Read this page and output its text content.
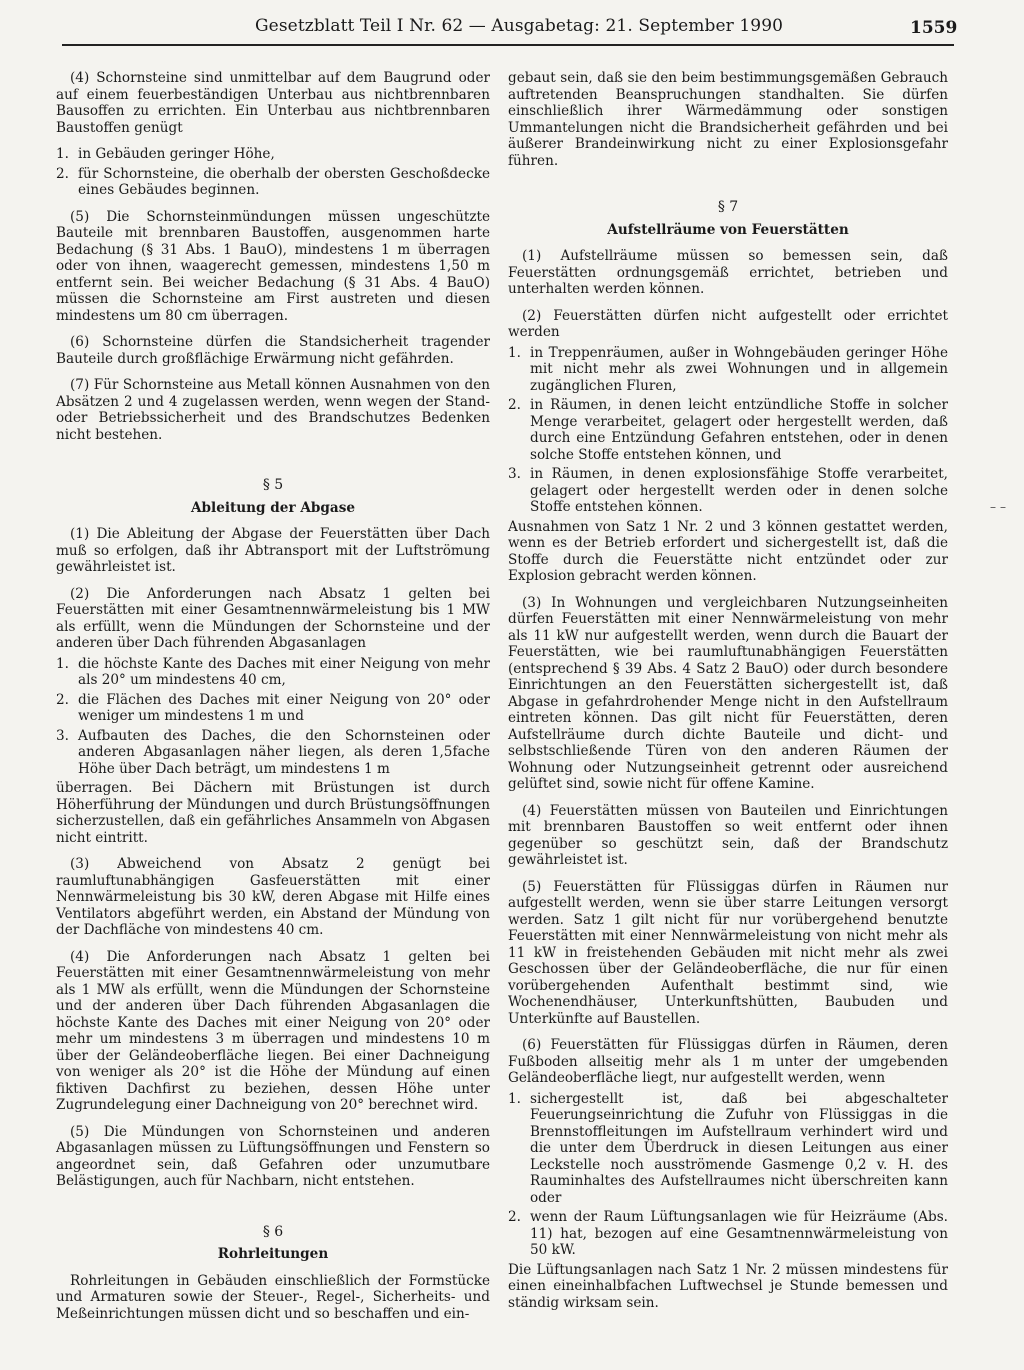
Gesetzblatt Teil I Nr. 62 — Ausgabetag: 21. September 1990	1559

(4) Schornsteine sind unmittelbar auf dem Baugrund oder auf einem feuerbeständigen Unterbau aus nichtbrennbaren Bausoffen zu errichten. Ein Unterbau aus nichtbrennbaren Baustoffen genügt

1. in Gebäuden geringer Höhe,
2. für Schornsteine, die oberhalb der obersten Geschoßdecke eines Gebäudes beginnen.

(5) Die Schornsteinmündungen müssen ungeschützte Bauteile mit brennbaren Baustoffen, ausgenommen harte Bedachung (§ 31 Abs. 1 BauO), mindestens 1 m überragen oder von ihnen, waagerecht gemessen, mindestens 1,50 m entfernt sein. Bei weicher Bedachung (§ 31 Abs. 4 BauO) müssen die Schornsteine am First austreten und diesen mindestens um 80 cm überragen.

(6) Schornsteine dürfen die Standsicherheit tragender Bauteile durch großflächige Erwärmung nicht gefährden.

(7) Für Schornsteine aus Metall können Ausnahmen von den Absätzen 2 und 4 zugelassen werden, wenn wegen der Stand- oder Betriebssicherheit und des Brandschutzes Bedenken nicht bestehen.

§ 5
Ableitung der Abgase

(1) Die Ableitung der Abgase der Feuerstätten über Dach muß so erfolgen, daß ihr Abtransport mit der Luftströmung gewährleistet ist.

(2) Die Anforderungen nach Absatz 1 gelten bei Feuerstätten mit einer Gesamtnennwärmeleistung bis 1 MW als erfüllt, wenn die Mündungen der Schornsteine und der anderen über Dach führenden Abgasanlagen

1. die höchste Kante des Daches mit einer Neigung von mehr als 20° um mindestens 40 cm,
2. die Flächen des Daches mit einer Neigung von 20° oder weniger um mindestens 1 m und
3. Aufbauten des Daches, die den Schornsteinen oder anderen Abgasanlagen näher liegen, als deren 1,5fache Höhe über Dach beträgt, um mindestens 1 m

überragen. Bei Dächern mit Brüstungen ist durch Höherführung der Mündungen und durch Brüstungsöffnungen sicherzustellen, daß ein gefährliches Ansammeln von Abgasen nicht eintritt.

(3) Abweichend von Absatz 2 genügt bei raumluftunabhängigen Gasfeuerstätten mit einer Nennwärmeleistung bis 30 kW, deren Abgase mit Hilfe eines Ventilators abgeführt werden, ein Abstand der Mündung von der Dachfläche von mindestens 40 cm.

(4) Die Anforderungen nach Absatz 1 gelten bei Feuerstätten mit einer Gesamtnennwärmeleistung von mehr als 1 MW als erfüllt, wenn die Mündungen der Schornsteine und der anderen über Dach führenden Abgasanlagen die höchste Kante des Daches mit einer Neigung von 20° oder mehr um mindestens 3 m überragen und mindestens 10 m über der Geländeoberfläche liegen. Bei einer Dachneigung von weniger als 20° ist die Höhe der Mündung auf einen fiktiven Dachfirst zu beziehen, dessen Höhe unter Zugrundelegung einer Dachneigung von 20° berechnet wird.

(5) Die Mündungen von Schornsteinen und anderen Abgasanlagen müssen zu Lüftungsöffnungen und Fenstern so angeordnet sein, daß Gefahren oder unzumutbare Belästigungen, auch für Nachbarn, nicht entstehen.

§ 6
Rohrleitungen

Rohrleitungen in Gebäuden einschließlich der Formstücke und Armaturen sowie der Steuer-, Regel-, Sicherheits- und Meßeinrichtungen müssen dicht und so beschaffen und ein-

gebaut sein, daß sie den beim bestimmungsgemäßen Gebrauch auftretenden Beanspruchungen standhalten. Sie dürfen einschließlich ihrer Wärmedämmung oder sonstigen Ummantelungen nicht die Brandsicherheit gefährden und bei äußerer Brandeinwirkung nicht zu einer Explosionsgefahr führen.

§ 7
Aufstellräume von Feuerstätten

(1) Aufstellräume müssen so bemessen sein, daß Feuerstätten ordnungsgemäß errichtet, betrieben und unterhalten werden können.

(2) Feuerstätten dürfen nicht aufgestellt oder errichtet werden

1. in Treppenräumen, außer in Wohngebäuden geringer Höhe mit nicht mehr als zwei Wohnungen und in allgemein zugänglichen Fluren,
2. in Räumen, in denen leicht entzündliche Stoffe in solcher Menge verarbeitet, gelagert oder hergestellt werden, daß durch eine Entzündung Gefahren entstehen, oder in denen solche Stoffe entstehen können, und
3. in Räumen, in denen explosionsfähige Stoffe verarbeitet, gelagert oder hergestellt werden oder in denen solche Stoffe entstehen können.

Ausnahmen von Satz 1 Nr. 2 und 3 können gestattet werden, wenn es der Betrieb erfordert und sichergestellt ist, daß die Stoffe durch die Feuerstätte nicht entzündet oder zur Explosion gebracht werden können.

(3) In Wohnungen und vergleichbaren Nutzungseinheiten dürfen Feuerstätten mit einer Nennwärmeleistung von mehr als 11 kW nur aufgestellt werden, wenn durch die Bauart der Feuerstätten, wie bei raumluftunabhängigen Feuerstätten (entsprechend § 39 Abs. 4 Satz 2 BauO) oder durch besondere Einrichtungen an den Feuerstätten sichergestellt ist, daß Abgase in gefahrdrohender Menge nicht in den Aufstellraum eintreten können. Das gilt nicht für Feuerstätten, deren Aufstellräume durch dichte Bauteile und dicht- und selbstschließende Türen von den anderen Räumen der Wohnung oder Nutzungseinheit getrennt oder ausreichend gelüftet sind, sowie nicht für offene Kamine.

(4) Feuerstätten müssen von Bauteilen und Einrichtungen mit brennbaren Baustoffen so weit entfernt oder ihnen gegenüber so geschützt sein, daß der Brandschutz gewährleistet ist.

(5) Feuerstätten für Flüssiggas dürfen in Räumen nur aufgestellt werden, wenn sie über starre Leitungen versorgt werden. Satz 1 gilt nicht für nur vorübergehend benutzte Feuerstätten mit einer Nennwärmeleistung von nicht mehr als 11 kW in freistehenden Gebäuden mit nicht mehr als zwei Geschossen über der Geländeoberfläche, die nur für einen vorübergehenden Aufenthalt bestimmt sind, wie Wochenendhäuser, Unterkunftshütten, Baubuden und Unterkünfte auf Baustellen.

(6) Feuerstätten für Flüssiggas dürfen in Räumen, deren Fußboden allseitig mehr als 1 m unter der umgebenden Geländeoberfläche liegt, nur aufgestellt werden, wenn

1. sichergestellt ist, daß bei abgeschalteter Feuerungseinrichtung die Zufuhr von Flüssiggas in die Brennstoffleitungen im Aufstellraum verhindert wird und die unter dem Überdruck in diesen Leitungen aus einer Leckstelle noch ausströmende Gasmenge 0,2 v. H. des Rauminhaltes des Aufstellraumes nicht überschreiten kann oder
2. wenn der Raum Lüftungsanlagen wie für Heizräume (Abs. 11) hat, bezogen auf eine Gesamtnennwärmeleistung von 50 kW.

Die Lüftungsanlagen nach Satz 1 Nr. 2 müssen mindestens für einen eineinhalbfachen Luftwechsel je Stunde bemessen und ständig wirksam sein.

– –
